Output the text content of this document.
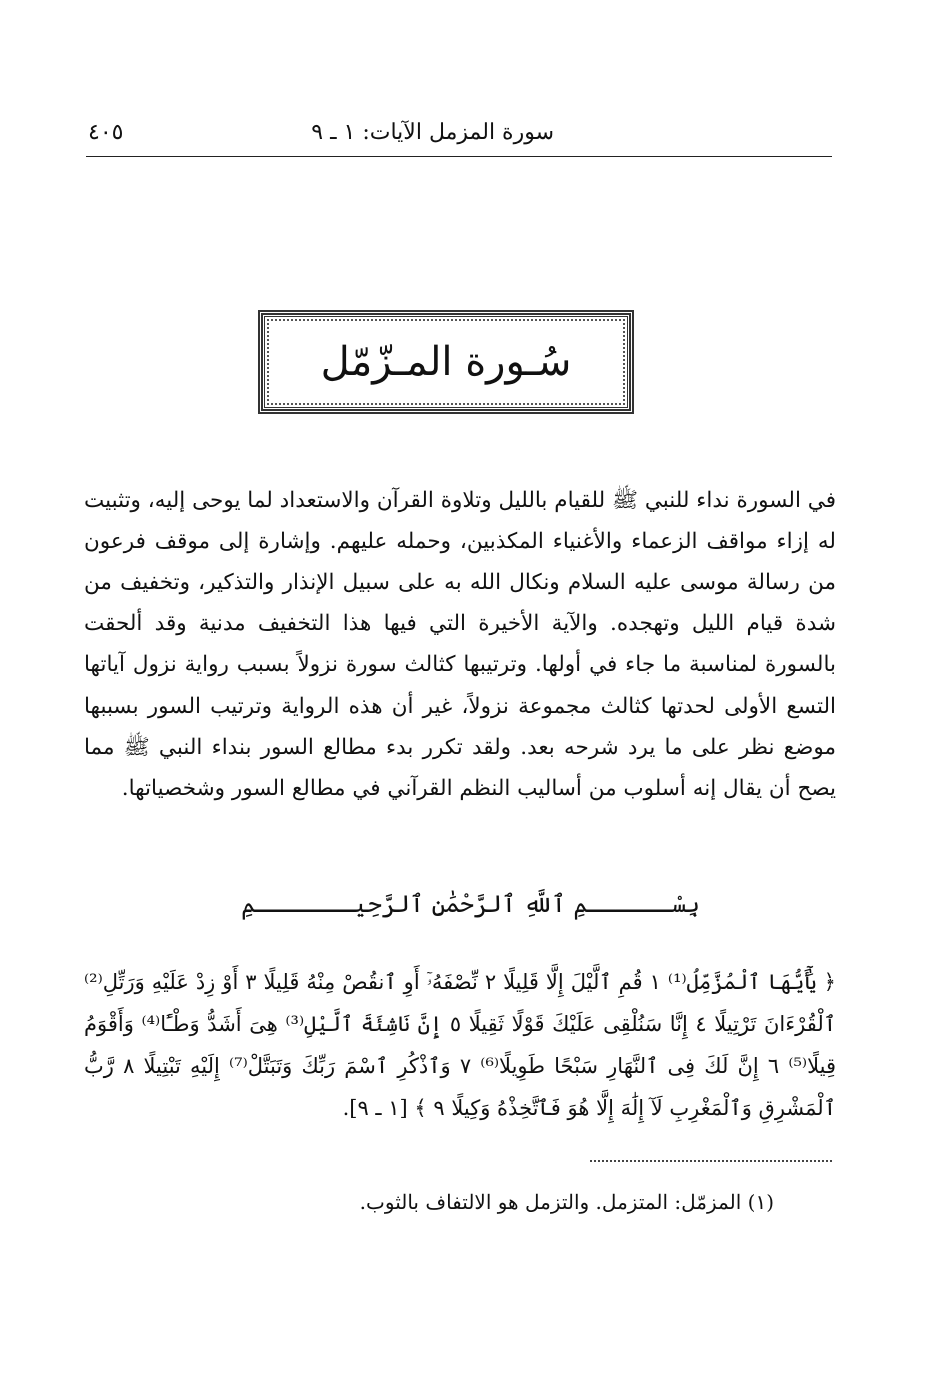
سورة المزمل الآيات: ١ ـ ٩
٤٠٥
سُـورة المـزّمّل

في السورة نداء للنبي ﷺ للقيام بالليل وتلاوة القرآن والاستعداد لما يوحى إليه، وتثبيت له إزاء مواقف الزعماء والأغنياء المكذبين، وحمله عليهم. وإشارة إلى موقف فرعون من رسالة موسى عليه السلام ونكال الله به على سبيل الإنذار والتذكير، وتخفيف من شدة قيام الليل وتهجده. والآية الأخيرة التي فيها هذا التخفيف مدنية وقد ألحقت بالسورة لمناسبة ما جاء في أولها. وترتيبها كثالث سورة نزولاً بسبب رواية نزول آياتها التسع الأولى لحدتها كثالث مجموعة نزولاً، غير أن هذه الرواية وترتيب السور بسببها موضع نظر على ما يرد شرحه بعد. ولقد تكرر بدء مطالع السور بنداء النبي ﷺ مما يصح أن يقال إنه أسلوب من أساليب النظم القرآني في مطالع السور وشخصياتها.

بِسْــــــمِ ٱللَّهِ ٱلرَّحْمَٰنِ ٱلرَّحِيـــــــمِ

﴿ يَٰٓأَيُّهَا ٱلْمُزَّمِّلُ⁽¹⁾ ١ قُمِ ٱلَّيْلَ إِلَّا قَلِيلًا ٢ نِّصْفَهُۥٓ أَوِ ٱنقُصْ مِنْهُ قَلِيلًا ٣ أَوْ زِدْ عَلَيْهِ وَرَتِّلِ⁽²⁾ ٱلْقُرْءَانَ تَرْتِيلًا ٤ إِنَّا سَنُلْقِى عَلَيْكَ قَوْلًا ثَقِيلًا ٥ إِنَّ نَاشِئَةَ ٱلَّيْلِ⁽³⁾ هِىَ أَشَدُّ وَطْـًٔا⁽⁴⁾ وَأَقْوَمُ قِيلًا⁽⁵⁾ ٦ إِنَّ لَكَ فِى ٱلنَّهَارِ سَبْحًا طَوِيلًا⁽⁶⁾ ٧ وَٱذْكُرِ ٱسْمَ رَبِّكَ وَتَبَتَّلْ⁽⁷⁾ إِلَيْهِ تَبْتِيلًا ٨ رَّبُّ ٱلْمَشْرِقِ وَٱلْمَغْرِبِ لَآ إِلَٰهَ إِلَّا هُوَ فَٱتَّخِذْهُ وَكِيلًا ٩ ﴾ [١ ـ ٩].

(١) المزمّل: المتزمل. والتزمل هو الالتفاف بالثوب.
